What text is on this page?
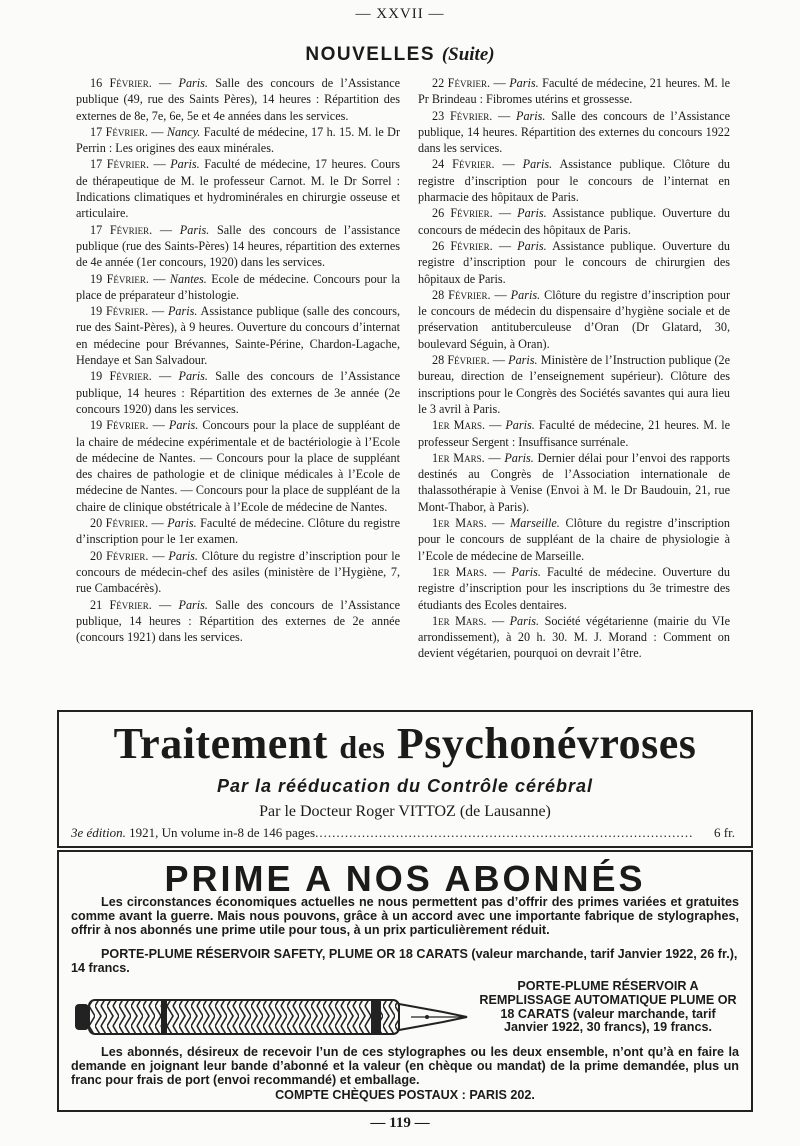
— XXVII —
NOUVELLES (Suite)

16 Février. — Paris. Salle des concours de l’Assistance publique (49, rue des Saints Pères), 14 heures : Répartition des externes de 8e, 7e, 6e, 5e et 4e années dans les services.

17 Février. — Nancy. Faculté de médecine, 17 h. 15. M. le Dr Perrin : Les origines des eaux minérales.

17 Février. — Paris. Faculté de médecine, 17 heures. Cours de thérapeutique de M. le professeur Carnot. M. le Dr Sorrel : Indications climatiques et hydrominérales en chirurgie osseuse et articulaire.

17 Février. — Paris. Salle des concours de l’assistance publique (rue des Saints-Pères) 14 heures, répartition des externes de 4e année (1er concours, 1920) dans les services.

19 Février. — Nantes. Ecole de médecine. Concours pour la place de préparateur d’histologie.

19 Février. — Paris. Assistance publique (salle des concours, rue des Saint-Pères), à 9 heures. Ouverture du concours d’internat en médecine pour Brévannes, Sainte-Périne, Chardon-Lagache, Hendaye et San Salvadour.

19 Février. — Paris. Salle des concours de l’Assistance publique, 14 heures : Répartition des externes de 3e année (2e concours 1920) dans les services.

19 Février. — Paris. Concours pour la place de suppléant de la chaire de médecine expérimentale et de bactériologie à l’Ecole de médecine de Nantes. — Concours pour la place de suppléant des chaires de pathologie et de clinique médicales à l’Ecole de médecine de Nantes. — Concours pour la place de suppléant de la chaire de clinique obstétricale à l’Ecole de médecine de Nantes.

20 Février. — Paris. Faculté de médecine. Clôture du registre d’inscription pour le 1er examen.

20 Février. — Paris. Clôture du registre d’inscription pour le concours de médecin-chef des asiles (ministère de l’Hygiène, 7, rue Cambacérès).

21 Février. — Paris. Salle des concours de l’Assistance publique, 14 heures : Répartition des externes de 2e année (concours 1921) dans les services.

22 Février. — Paris. Faculté de médecine, 21 heures. M. le Pr Brindeau : Fibromes utérins et grossesse.

23 Février. — Paris. Salle des concours de l’Assistance publique, 14 heures. Répartition des externes du concours 1922 dans les services.

24 Février. — Paris. Assistance publique. Clôture du registre d’inscription pour le concours de l’internat en pharmacie des hôpitaux de Paris.

26 Février. — Paris. Assistance publique. Ouverture du concours de médecin des hôpitaux de Paris.

26 Février. — Paris. Assistance publique. Ouverture du registre d’inscription pour le concours de chirurgien des hôpitaux de Paris.

28 Février. — Paris. Clôture du registre d’inscription pour le concours de médecin du dispensaire d’hygiène sociale et de préservation antituberculeuse d’Oran (Dr Glatard, 30, boulevard Séguin, à Oran).

28 Février. — Paris. Ministère de l’Instruction publique (2e bureau, direction de l’enseignement supérieur). Clôture des inscriptions pour le Congrès des Sociétés savantes qui aura lieu le 3 avril à Paris.

1er Mars. — Paris. Faculté de médecine, 21 heures. M. le professeur Sergent : Insuffisance surrénale.

1er Mars. — Paris. Dernier délai pour l’envoi des rapports destinés au Congrès de l’Association internationale de thalassothérapie à Venise (Envoi à M. le Dr Baudouin, 21, rue Mont-Thabor, à Paris).

1er Mars. — Marseille. Clôture du registre d’inscription pour le concours de suppléant de la chaire de physiologie à l’Ecole de médecine de Marseille.

1er Mars. — Paris. Faculté de médecine. Ouverture du registre d’inscription pour les inscriptions du 3e trimestre des étudiants des Ecoles dentaires.

1er Mars. — Paris. Société végétarienne (mairie du VIe arrondissement), à 20 h. 30. M. J. Morand : Comment on devient végétarien, pourquoi on devrait l’être.

Traitement des Psychonévroses
Par la rééducation du Contrôle cérébral
Par le Docteur Roger VITTOZ (de Lausanne)
3e édition. 1921, Un volume in-8 de 146 pages......................................................................................... 6 fr.
PRIME A NOS ABONNÉS
Les circonstances économiques actuelles ne nous permettent pas d’offrir des primes variées et gratuites comme avant la guerre. Mais nous pouvons, grâce à un accord avec une importante fabrique de stylographes, offrir à nos abonnés une prime utile pour tous, à un prix particulièrement réduit.
PORTE-PLUME RÉSERVOIR SAFETY, PLUME OR 18 CARATS (valeur marchande, tarif Janvier 1922, 26 fr.), 14 francs.
PORTE-PLUME RÉSERVOIR A REMPLISSAGE AUTOMATIQUE PLUME OR 18 CARATS (valeur marchande, tarif Janvier 1922, 30 francs), 19 francs.
Les abonnés, désireux de recevoir l’un de ces stylographes ou les deux ensemble, n’ont qu’à en faire la demande en joignant leur bande d’abonné et la valeur (en chèque ou mandat) de la prime demandée, plus un franc pour frais de port (envoi recommandé) et emballage.
COMPTE CHÈQUES POSTAUX : PARIS 202.
— 119 —
